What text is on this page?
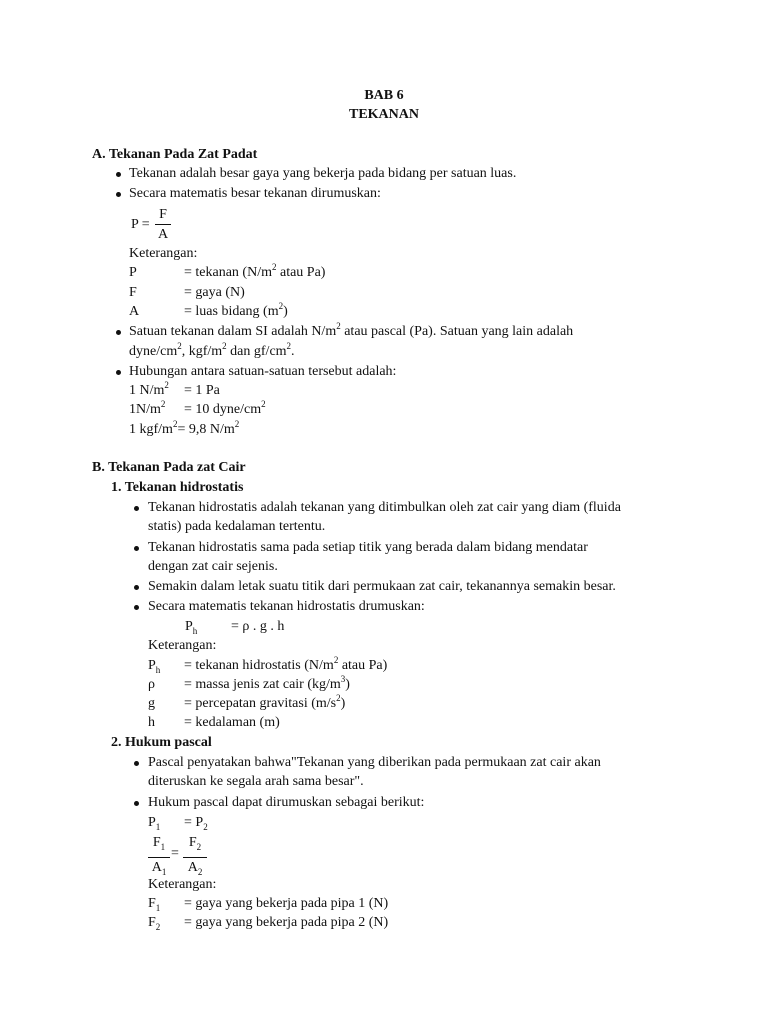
BAB 6
TEKANAN
A. Tekanan Pada Zat Padat
Tekanan adalah besar gaya yang bekerja pada bidang per satuan luas.
Secara matematis besar tekanan dirumuskan:
P =
F
A
Keterangan:
P	= tekanan ($N/m^2$ atau Pa)
F	= gaya (N)
A	= luas bidang $(m^2)$
Satuan tekanan dalam SI adalah $N/m^2$ atau pascal (Pa). Satuan yang lain adalah
dyne/$cm^2$, kgf/$m^2$ dan $gf/cm^2$.
Hubungan antara satuan-satuan tersebut adalah:
1 $N/m^2 = 1$ Pa
$1N/m^2 = 10$ dyne/$cm^2$
1 kgf/$m^2= 9,8$ $N/m^2$
B. Tekanan Pada zat Cair
1. Tekanan hidrostatis
Tekanan hidrostatis adalah tekanan yang ditimbulkan oleh zat cair yang diam (fluida
statis) pada kedalaman tertentu.
Tekanan hidrostatis sama pada setiap titik yang berada dalam bidang mendatar
dengan zat cair sejenis.
Semakin dalam letak suatu titik dari permukaan zat cair, tekanannya semakin besar.
Secara matematis tekanan hidrostatis drumuskan:
$P_h = \rho$ . g . h
Keterangan:
$P_h$ = tekanan hidrostatis ($N/m^2$ atau Pa)
ρ = massa jenis zat cair $(kg/m^3)$
g = percepatan gravitasi $(m/s^2)$
h = kedalaman (m)
2. Hukum pascal
Pascal penyatakan bahwa"Tekanan yang diberikan pada permukaan zat cair akan
diteruskan ke segala arah sama besar".
Hukum pascal dapat dirumuskan sebagai berikut:
$P_1 = P_2$
$F_1$
$A_1$
=
$F_2$
$A_2$
Keterangan:
$F_1$ = gaya yang bekerja pada pipa 1 (N)
$F_2$ = gaya yang bekerja pada pipa 2 (N)
